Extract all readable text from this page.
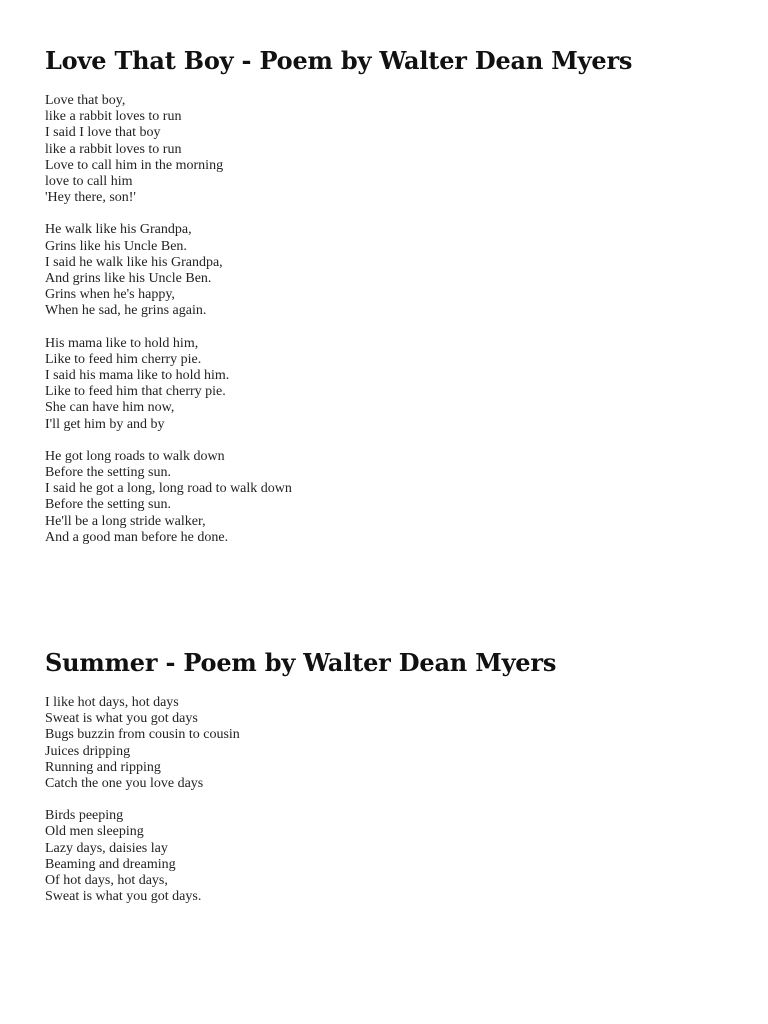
Love That Boy - Poem by Walter Dean Myers
Love that boy,
like a rabbit loves to run
I said I love that boy
like a rabbit loves to run
Love to call him in the morning
love to call him
'Hey there, son!'
He walk like his Grandpa,
Grins like his Uncle Ben.
I said he walk like his Grandpa,
And grins like his Uncle Ben.
Grins when he's happy,
When he sad, he grins again.
His mama like to hold him,
Like to feed him cherry pie.
I said his mama like to hold him.
Like to feed him that cherry pie.
She can have him now,
I'll get him by and by
He got long roads to walk down
Before the setting sun.
I said he got a long, long road to walk down
Before the setting sun.
He'll be a long stride walker,
And a good man before he done.
Summer - Poem by Walter Dean Myers
I like hot days, hot days
Sweat is what you got days
Bugs buzzin from cousin to cousin
Juices dripping
Running and ripping
Catch the one you love days
Birds peeping
Old men sleeping
Lazy days, daisies lay
Beaming and dreaming
Of hot days, hot days,
Sweat is what you got days.
